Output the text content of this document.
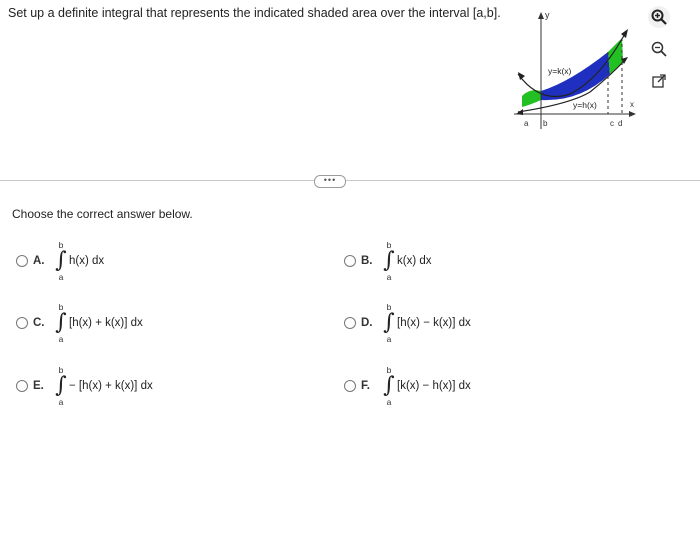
Set up a definite integral that represents the indicated shaded area over the interval [a,b].	y
x
y=k(x)
y=h(x)
a b	c d
•••
Choose the correct answer below.
A.
b
∫
a
h(x) dx	B.
b
∫
a
k(x) dx
C.
b
∫
a
[h(x) + k(x)] dx	D.
b
∫
a
[h(x) − k(x)] dx
E.
b
∫
a
− [h(x) + k(x)] dx	F.
b
∫
a
[k(x) − h(x)] dx
